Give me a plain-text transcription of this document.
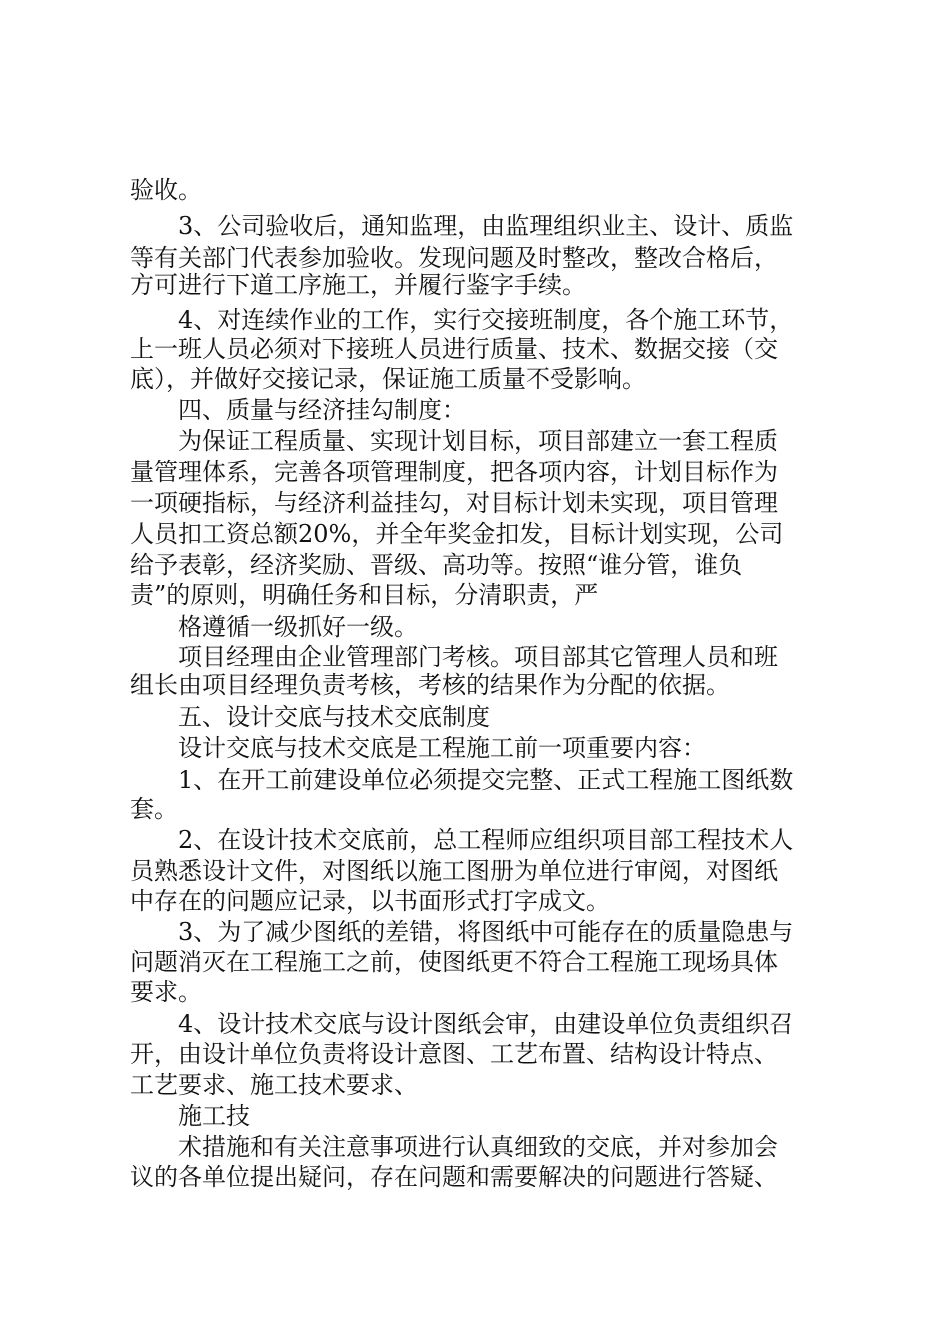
验收。
3、公司验收后，通知监理，由监理组织业主、设计、质监
等有关部门代表参加验收。发现问题及时整改，整改合格后，
方可进行下道工序施工，并履行鉴字手续。
4、对连续作业的工作，实行交接班制度，各个施工环节，
上一班人员必须对下接班人员进行质量、技术、数据交接（交
底），并做好交接记录，保证施工质量不受影响。
四、质量与经济挂勾制度：
为保证工程质量、实现计划目标，项目部建立一套工程质
量管理体系，完善各项管理制度，把各项内容，计划目标作为
一项硬指标，与经济利益挂勾，对目标计划未实现，项目管理
人员扣工资总额20%，并全年奖金扣发，目标计划实现，公司
给予表彰，经济奖励、晋级、高功等。按照“谁分管，谁负
责”的原则，明确任务和目标，分清职责，严
格遵循一级抓好一级。
项目经理由企业管理部门考核。项目部其它管理人员和班
组长由项目经理负责考核，考核的结果作为分配的依据。
五、设计交底与技术交底制度
设计交底与技术交底是工程施工前一项重要内容：
1、在开工前建设单位必须提交完整、正式工程施工图纸数
套。
2、在设计技术交底前，总工程师应组织项目部工程技术人
员熟悉设计文件，对图纸以施工图册为单位进行审阅，对图纸
中存在的问题应记录，以书面形式打字成文。
3、为了减少图纸的差错，将图纸中可能存在的质量隐患与
问题消灭在工程施工之前，使图纸更不符合工程施工现场具体
要求。
4、设计技术交底与设计图纸会审，由建设单位负责组织召
开，由设计单位负责将设计意图、工艺布置、结构设计特点、
工艺要求、施工技术要求、
施工技
术措施和有关注意事项进行认真细致的交底，并对参加会
议的各单位提出疑问，存在问题和需要解决的问题进行答疑、
